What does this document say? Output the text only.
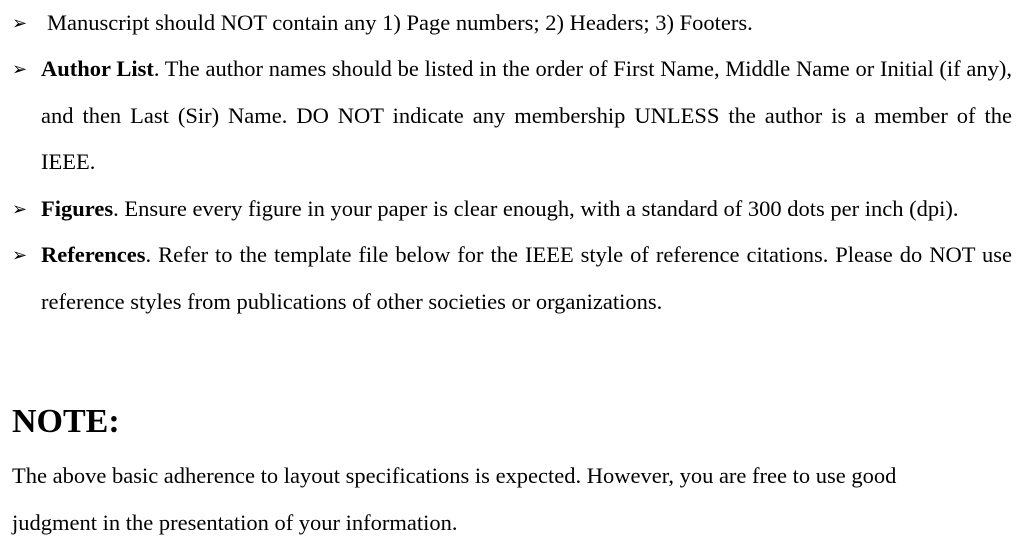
➢ Manuscript should NOT contain any 1) Page numbers; 2) Headers; 3) Footers.
➢ Author List. The author names should be listed in the order of First Name, Middle Name or Initial (if any), and then Last (Sir) Name. DO NOT indicate any membership UNLESS the author is a member of the IEEE.
➢ Figures. Ensure every figure in your paper is clear enough, with a standard of 300 dots per inch (dpi).
➢ References. Refer to the template file below for the IEEE style of reference citations. Please do NOT use reference styles from publications of other societies or organizations.
NOTE:
The above basic adherence to layout specifications is expected. However, you are free to use good
judgment in the presentation of your information.
